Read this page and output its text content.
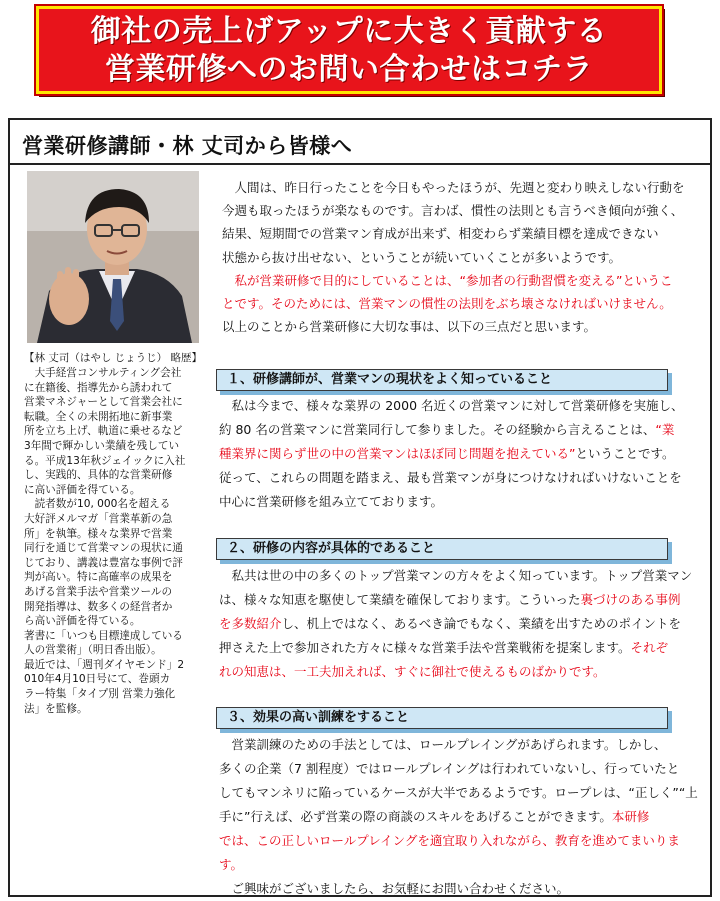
御社の売上げアップに大きく貢献する
営業研修へのお問い合わせはコチラ
営業研修講師・林 丈司から皆様へ
【林 丈司（はやし じょうじ） 略歴】
　大手経営コンサルティング会社
に在籍後、指導先から誘われて
営業マネジャーとして営業会社に
転職。全くの未開拓地に新事業
所を立ち上げ、軌道に乗せるなど
3年間で輝かしい業績を残してい
る。平成13年秋ジェイックに入社
し、実践的、具体的な営業研修
に高い評価を得ている。
　読者数が10, 000名を超える
大好評メルマガ「営業革新の急
所」を執筆。様々な業界で営業
同行を通じて営業マンの現状に通
じており、講義は豊富な事例で評
判が高い。特に高確率の成果を
あげる営業手法や営業ツールの
開発指導は、数多くの経営者か
ら高い評価を得ている。
著書に「いつも目標達成している
人の営業術」（明日香出版）。
最近では、「週刊ダイヤモンド」2
010年4月10日号にて、巻頭カ
ラー特集「タイプ別 営業力強化
法」を監修。
　人間は、昨日行ったことを今日もやったほうが、先週と変わり映えしない行動を
今週も取ったほうが楽なものです。言わば、慣性の法則とも言うべき傾向が強く、
結果、短期間での営業マン育成が出来ず、相変わらず業績目標を達成できない
状態から抜け出せない、ということが続いていくことが多いようです。
　私が営業研修で目的にしていることは、“参加者の行動習慣を変える”というこ
とです。そのためには、営業マンの慣性の法則をぶち壊さなければいけません。
以上のことから営業研修に大切な事は、以下の三点だと思います。
１、研修講師が、営業マンの現状をよく知っていること
　私は今まで、様々な業界の 2000 名近くの営業マンに対して営業研修を実施し、
約 80 名の営業マンに営業同行して参りました。その経験から言えることは、“業
種業界に関らず世の中の営業マンはほぼ同じ問題を抱えている”ということです。
従って、これらの問題を踏まえ、最も営業マンが身につけなければいけないことを
中心に営業研修を組み立てております。
２、研修の内容が具体的であること
　私共は世の中の多くのトップ営業マンの方々をよく知っています。トップ営業マン
は、様々な知恵を駆使して業績を確保しております。こういった裏づけのある事例
を多数紹介し、机上ではなく、あるべき論でもなく、業績を出すためのポイントを
押さえた上で参加された方々に様々な営業手法や営業戦術を提案します。それぞ
れの知恵は、一工夫加えれば、すぐに御社で使えるものばかりです。
３、効果の高い訓練をすること
　営業訓練のための手法としては、ロールプレイングがあげられます。しかし、
多くの企業（7 割程度）ではロールプレイングは行われていないし、行っていたと
してもマンネリに陥っているケースが大半であるようです。ロープレは、“正しく”“上
手に”行えば、必ず営業の際の商談のスキルをあげることができます。本研修
では、この正しいロールプレイングを適宜取り入れながら、教育を進めてまいりま
す。
　ご興味がございましたら、お気軽にお問い合わせください。
